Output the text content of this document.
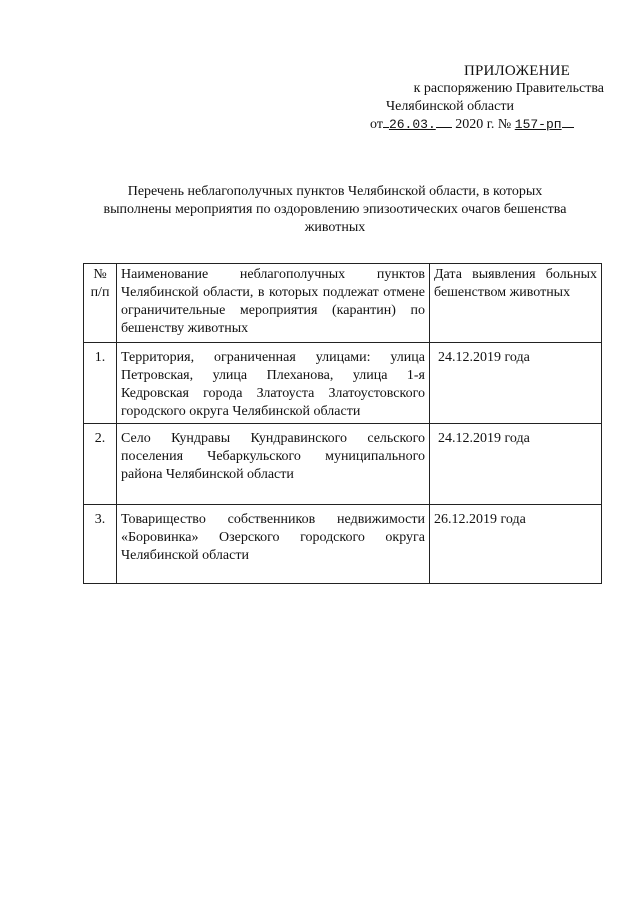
ПРИЛОЖЕНИЕ
к распоряжению Правительства
Челябинской области
от 26.03. 2020 г. № 157-рп
Перечень неблагополучных пунктов Челябинской области, в которых выполнены мероприятия по оздоровлению эпизоотических очагов бешенства животных
№ п/п	Наименование неблагополучных пунктов Челябинской области, в которых подлежат отмене ограничительные мероприятия (карантин) по бешенству животных	Дата выявления больных бешенством животных
1.	Территория, ограниченная улицами: улица Петровская, улица Плеханова, улица 1-я Кедровская города Златоуста Златоустовского городского округа Челябинской области	24.12.2019 года
2.	Село Кундравы Кундравинского сельского поселения Чебаркульского муниципального района Челябинской области	24.12.2019 года
3.	Товарищество собственников недвижимости «Боровинка» Озерского городского округа Челябинской области	26.12.2019 года
